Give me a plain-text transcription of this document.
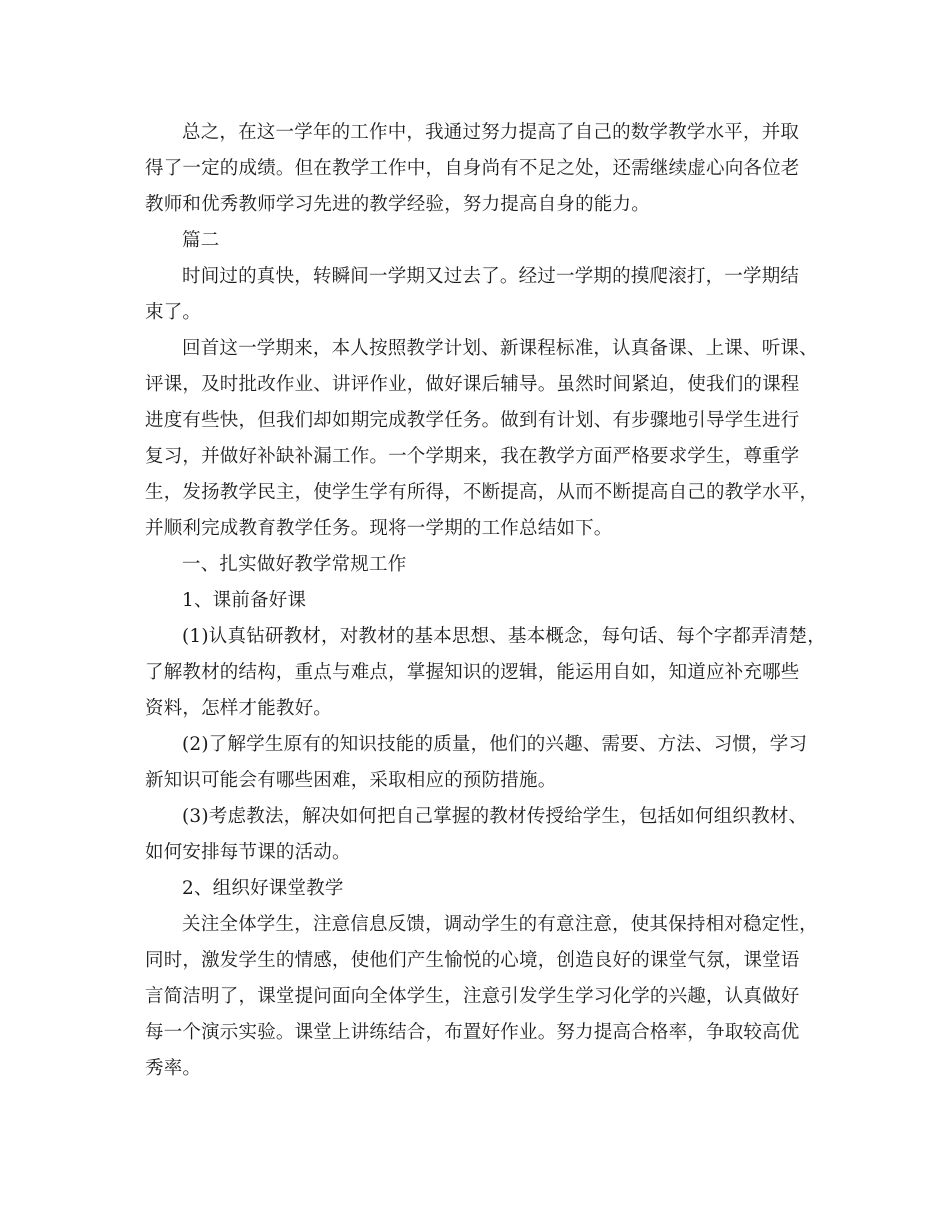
总之，在这一学年的工作中，我通过努力提高了自己的数学教学水平，并取
得了一定的成绩。但在教学工作中，自身尚有不足之处，还需继续虚心向各位老
教师和优秀教师学习先进的教学经验，努力提高自身的能力。
篇二
时间过的真快，转瞬间一学期又过去了。经过一学期的摸爬滚打，一学期结
束了。
回首这一学期来，本人按照教学计划、新课程标准，认真备课、上课、听课、
评课，及时批改作业、讲评作业，做好课后辅导。虽然时间紧迫，使我们的课程
进度有些快，但我们却如期完成教学任务。做到有计划、有步骤地引导学生进行
复习，并做好补缺补漏工作。一个学期来，我在教学方面严格要求学生，尊重学
生，发扬教学民主，使学生学有所得，不断提高，从而不断提高自己的教学水平，
并顺利完成教育教学任务。现将一学期的工作总结如下。
一、扎实做好教学常规工作
1、课前备好课
(1)认真钻研教材，对教材的基本思想、基本概念，每句话、每个字都弄清楚，
了解教材的结构，重点与难点，掌握知识的逻辑，能运用自如，知道应补充哪些
资料，怎样才能教好。
(2)了解学生原有的知识技能的质量，他们的兴趣、需要、方法、习惯，学习
新知识可能会有哪些困难，采取相应的预防措施。
(3)考虑教法，解决如何把自己掌握的教材传授给学生，包括如何组织教材、
如何安排每节课的活动。
2、组织好课堂教学
关注全体学生，注意信息反馈，调动学生的有意注意，使其保持相对稳定性，
同时，激发学生的情感，使他们产生愉悦的心境，创造良好的课堂气氛，课堂语
言简洁明了，课堂提问面向全体学生，注意引发学生学习化学的兴趣，认真做好
每一个演示实验。课堂上讲练结合，布置好作业。努力提高合格率，争取较高优
秀率。
